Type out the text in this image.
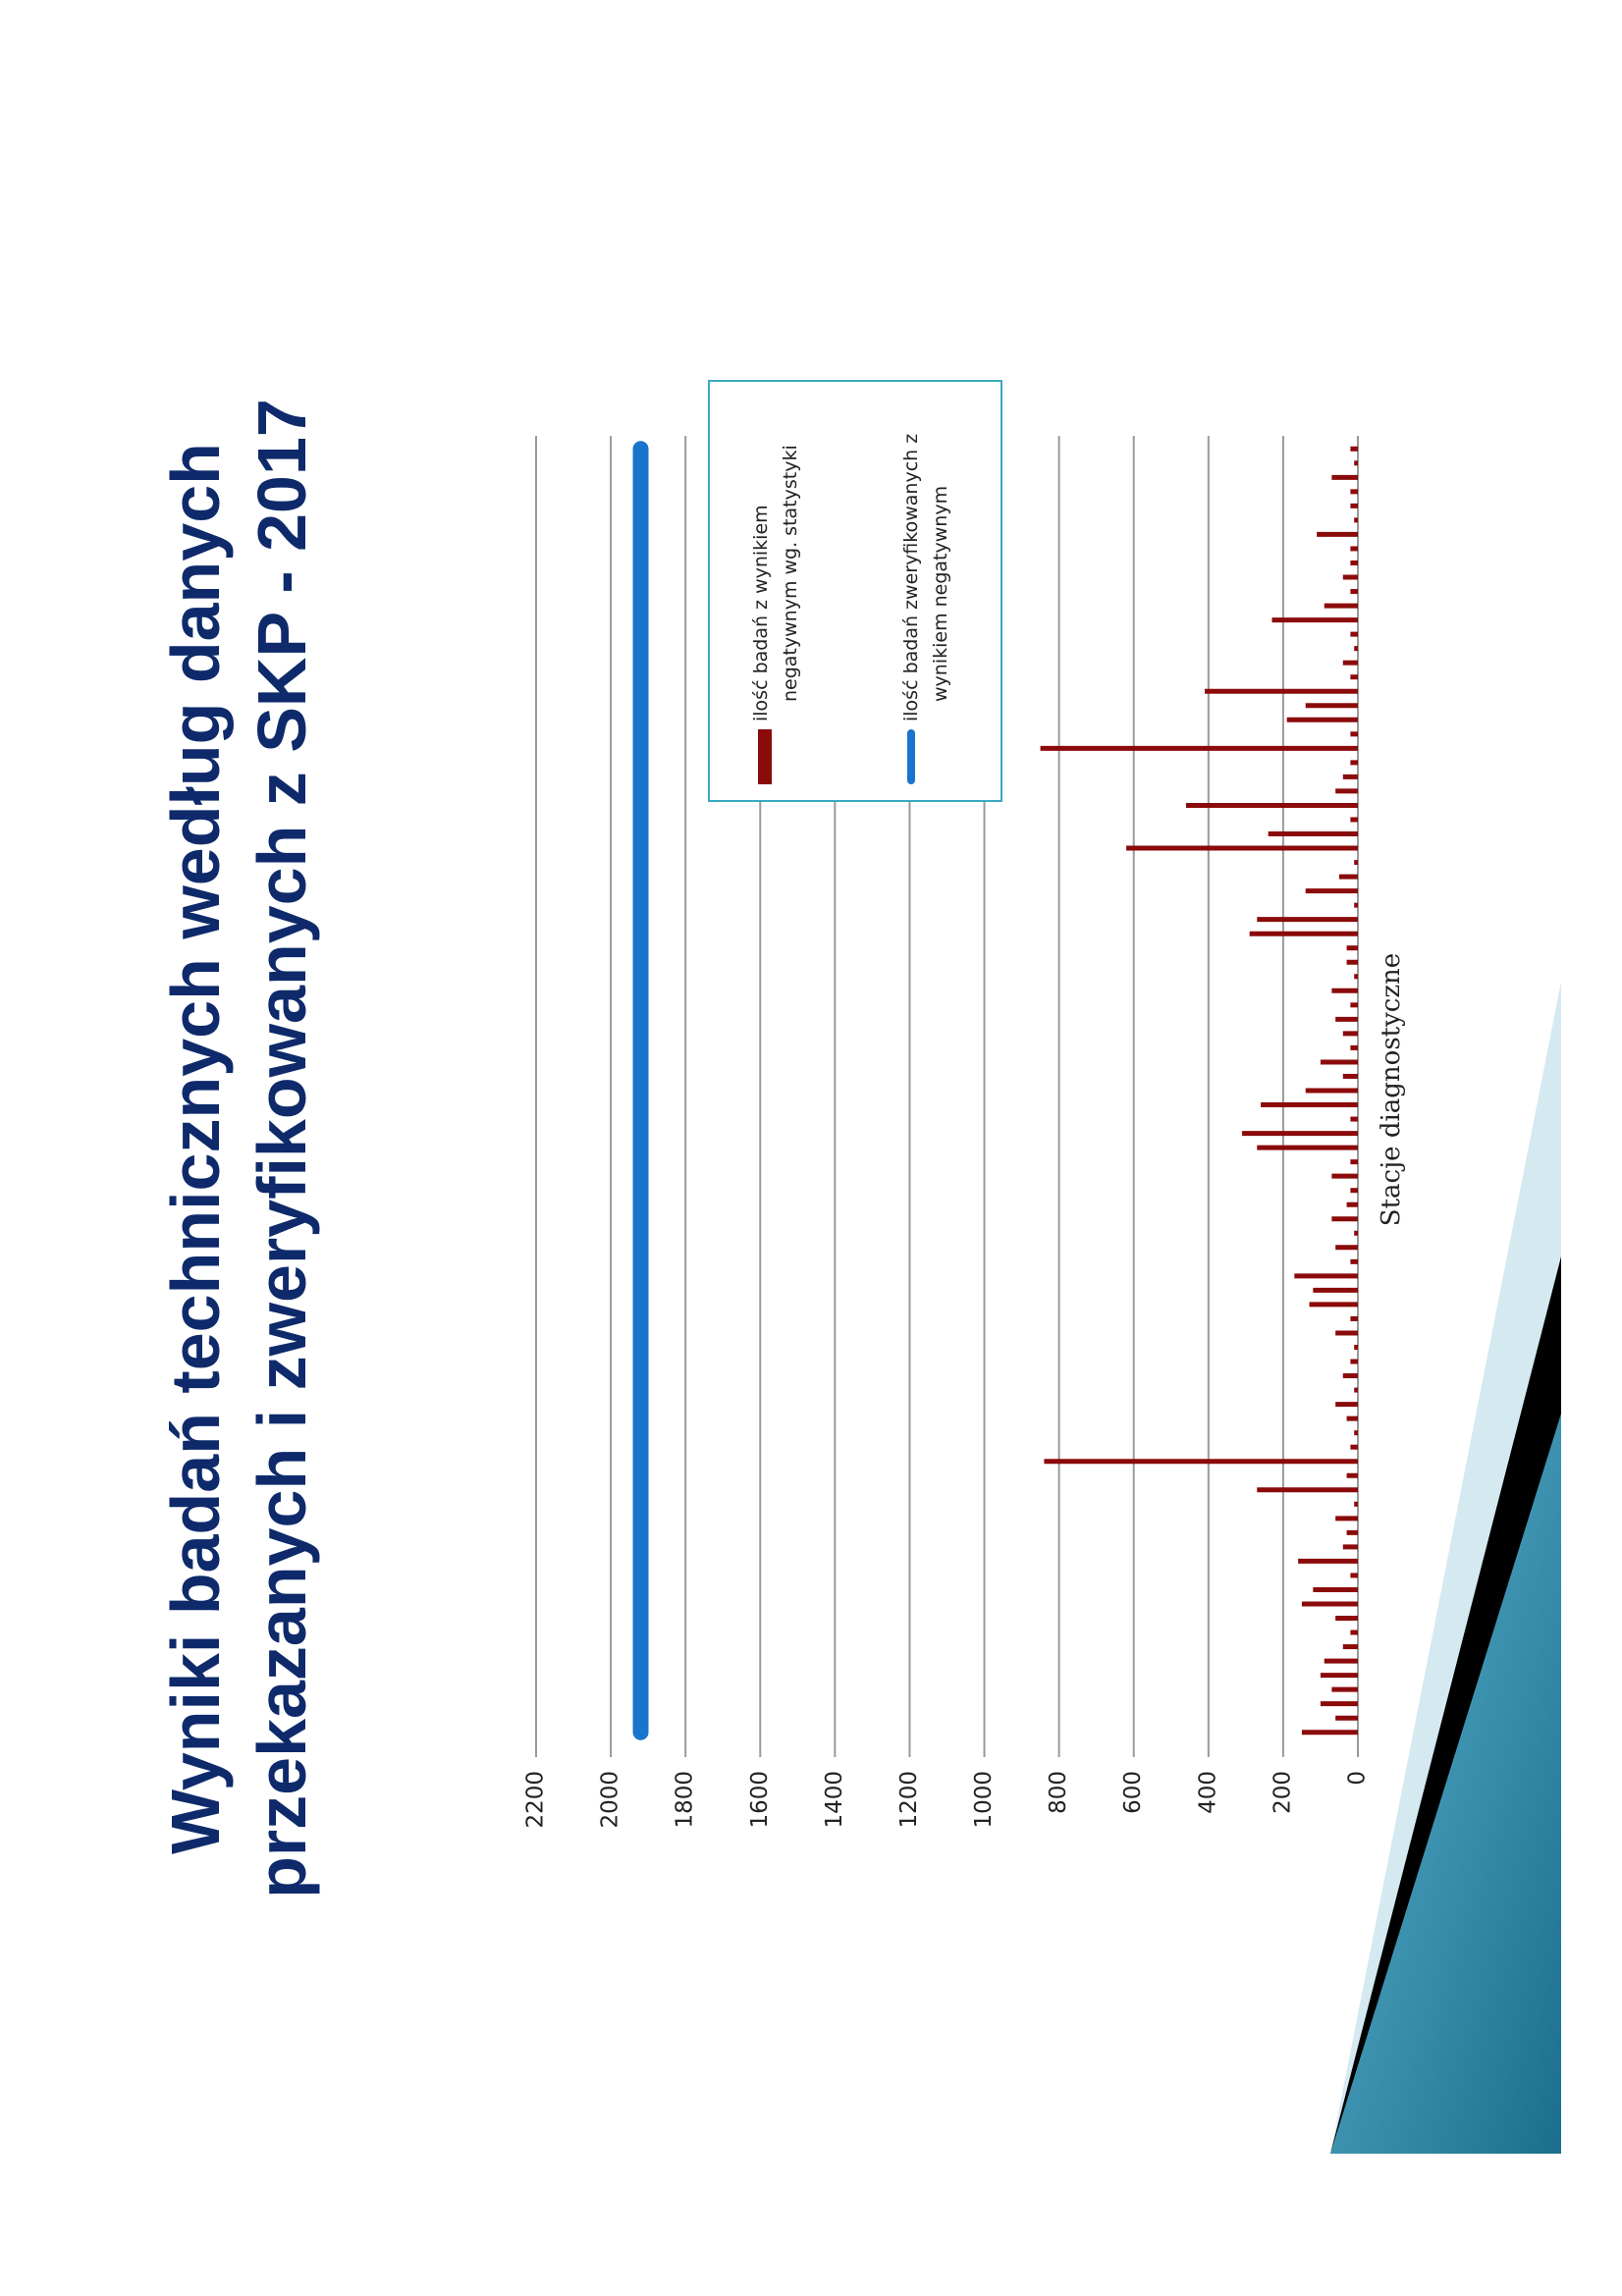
Wyniki badań technicznych według danych przekazanych i zweryfikowanych z SKP - 2017	0
200
400
600
800
1000
1200
1400
1600
1800
2000
2200
Stacje diagnostyczne
ilość badań z wynikiem negatywnym wg. statystyki	ilość badań zweryfikowanych z wynikiem negatywnym
